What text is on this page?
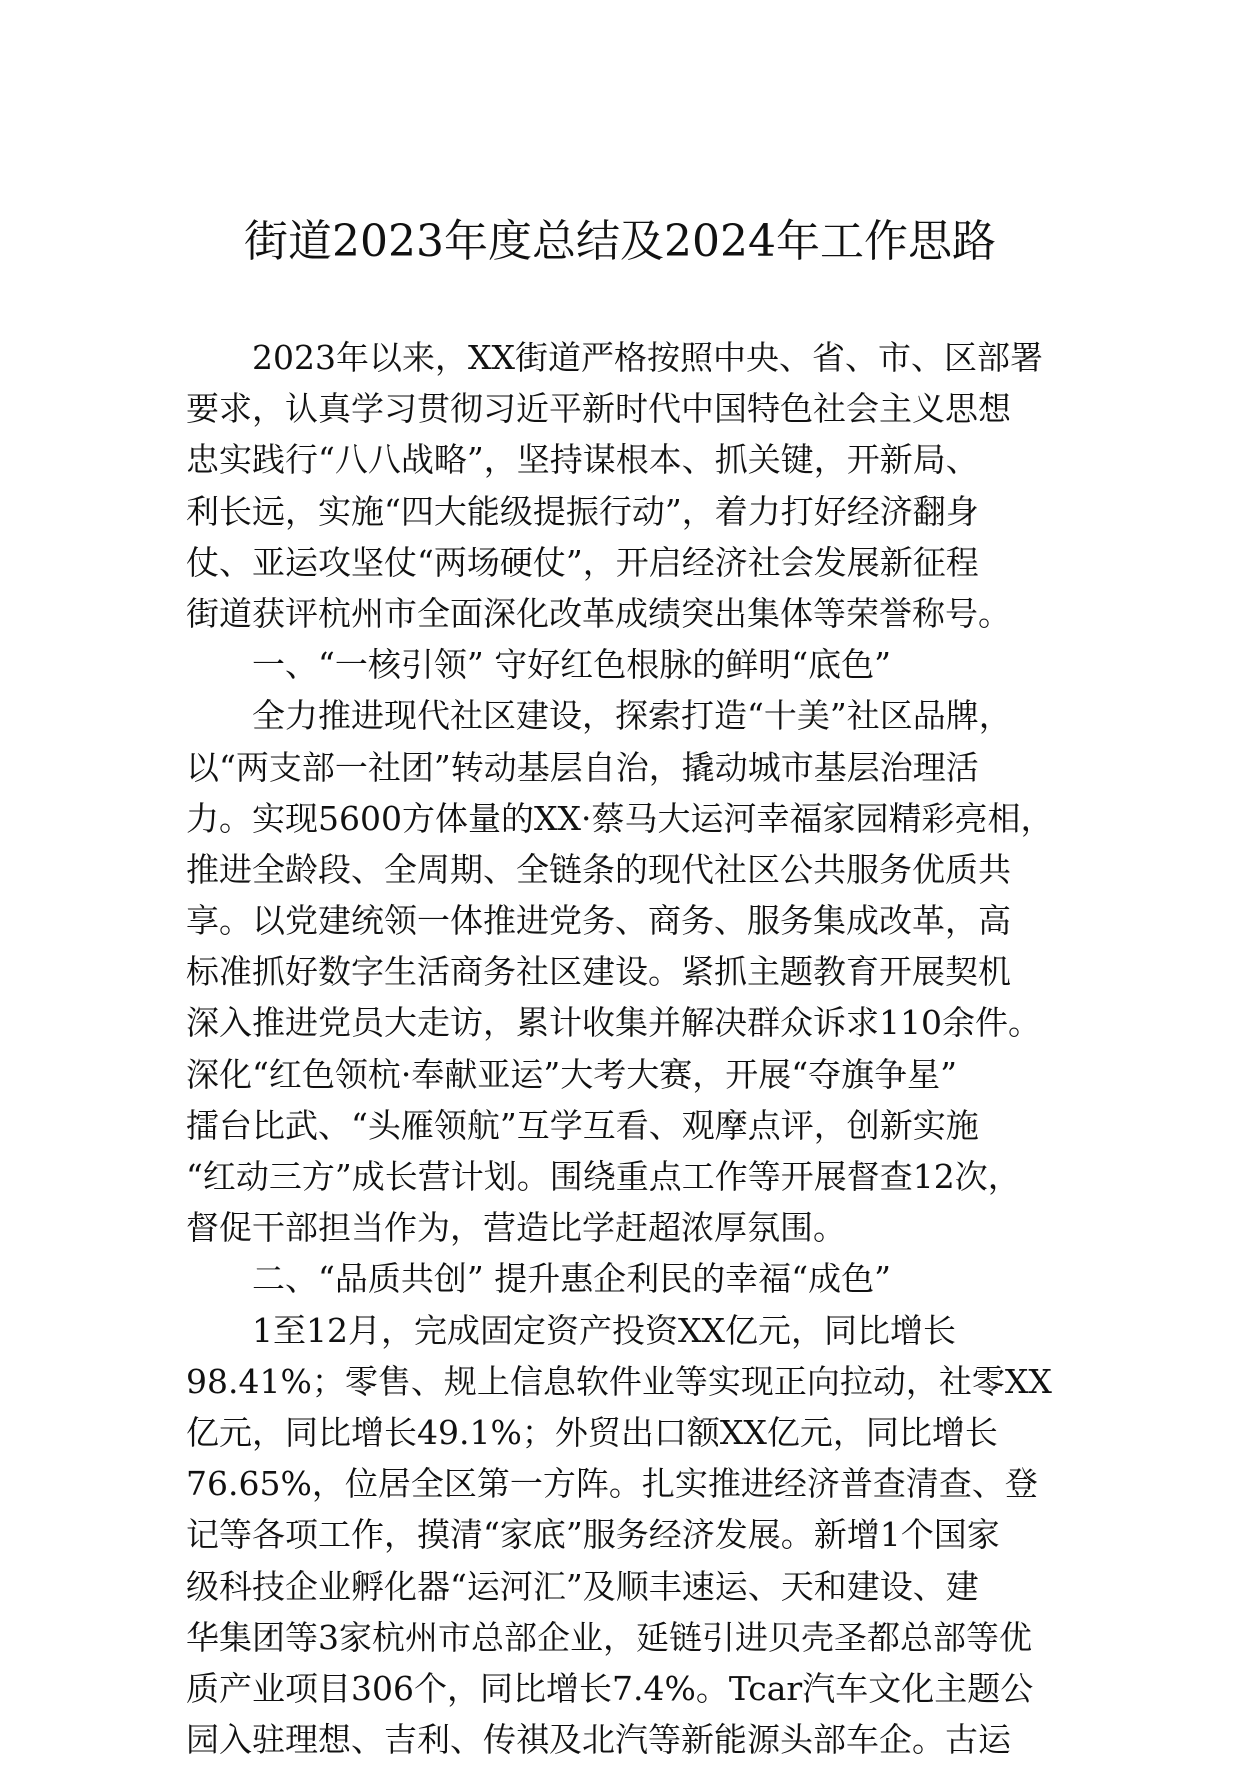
街道2023年度总结及2024年工作思路
2023年以来，XX街道严格按照中央、省、市、区部署
要求，认真学习贯彻习近平新时代中国特色社会主义思想
忠实践行“八八战略”，坚持谋根本、抓关键，开新局、
利长远，实施“四大能级提振行动”，着力打好经济翻身
仗、亚运攻坚仗“两场硬仗”，开启经济社会发展新征程
街道获评杭州市全面深化改革成绩突出集体等荣誉称号。
一、“一核引领” 守好红色根脉的鲜明“底色”
全力推进现代社区建设，探索打造“十美”社区品牌，
以“两支部一社团”转动基层自治，撬动城市基层治理活
力。实现5600方体量的XX·蔡马大运河幸福家园精彩亮相，
推进全龄段、全周期、全链条的现代社区公共服务优质共
享。以党建统领一体推进党务、商务、服务集成改革，高
标准抓好数字生活商务社区建设。紧抓主题教育开展契机
深入推进党员大走访，累计收集并解决群众诉求110余件。
深化“红色领杭·奉献亚运”大考大赛，开展“夺旗争星”
擂台比武、“头雁领航”互学互看、观摩点评，创新实施
“红动三方”成长营计划。围绕重点工作等开展督查12次，
督促干部担当作为，营造比学赶超浓厚氛围。
二、“品质共创” 提升惠企利民的幸福“成色”
1至12月，完成固定资产投资XX亿元，同比增长
98.41%；零售、规上信息软件业等实现正向拉动，社零XX
亿元，同比增长49.1%；外贸出口额XX亿元，同比增长
76.65%，位居全区第一方阵。扎实推进经济普查清查、登
记等各项工作，摸清“家底”服务经济发展。新增1个国家
级科技企业孵化器“运河汇”及顺丰速运、天和建设、建
华集团等3家杭州市总部企业，延链引进贝壳圣都总部等优
质产业项目306个，同比增长7.4%。Tcar汽车文化主题公
园入驻理想、吉利、传祺及北汽等新能源头部车企。古运
